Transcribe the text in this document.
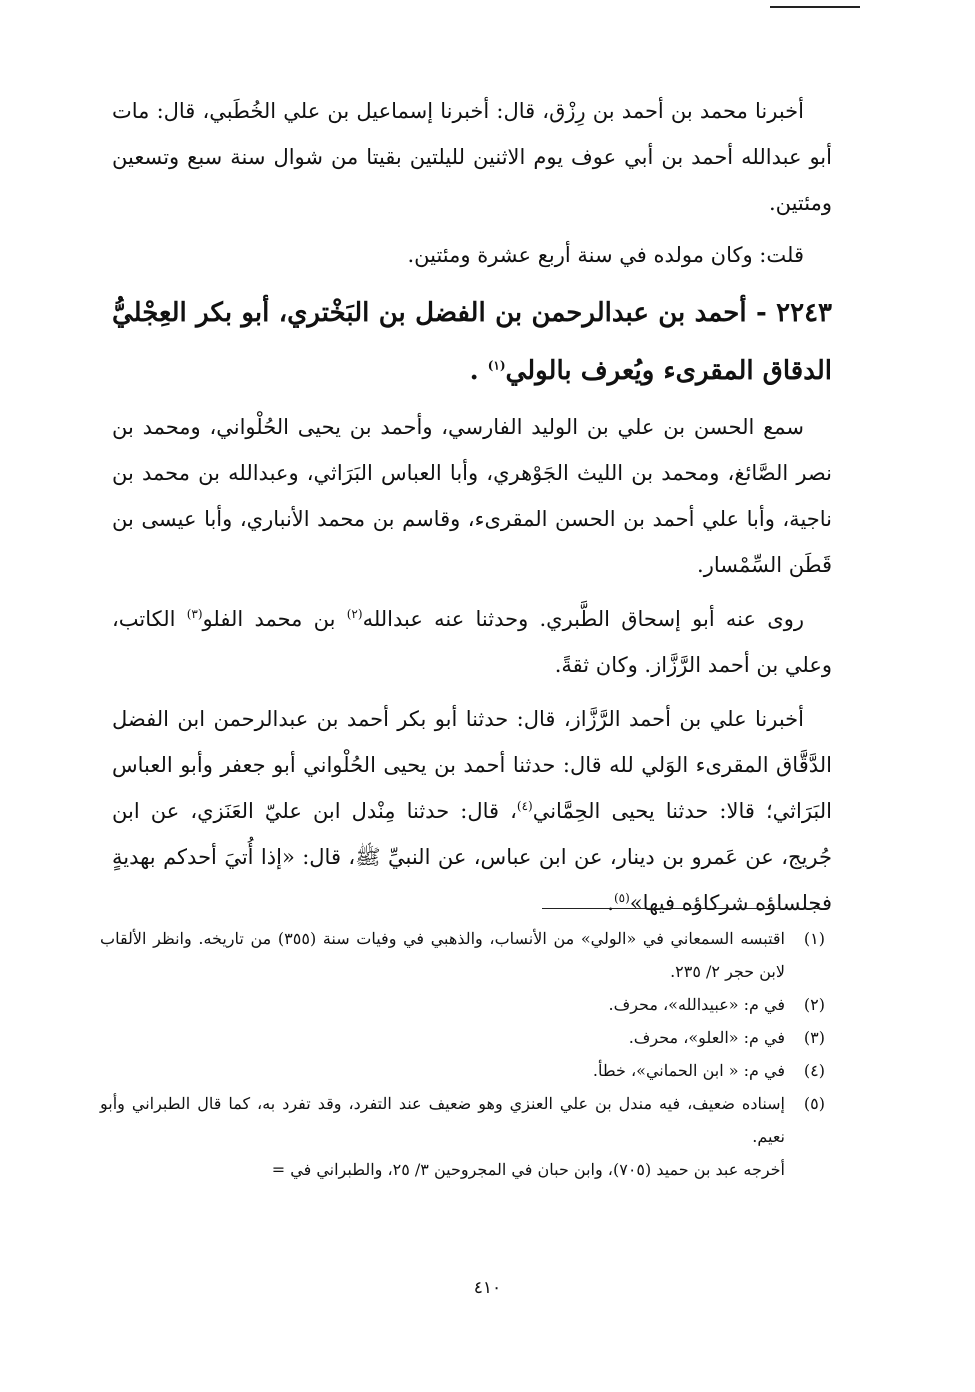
أخبرنا محمد بن أحمد بن رِزْق، قال: أخبرنا إسماعيل بن علي الخُطَبي، قال: مات أبو عبدالله أحمد بن أبي عوف يوم الاثنين لليلتين بقيتا من شوال سنة سبع وتسعين ومئتين.

قلت: وكان مولده في سنة أربع عشرة ومئتين.

٢٢٤٣ - أحمد بن عبدالرحمن بن الفضل بن البَخْتري، أبو بكر العِجْليُّ الدقاق المقرىء ويُعرف بالولي$^{(١)}$ .

سمع الحسن بن علي بن الوليد الفارسي، وأحمد بن يحيى الحُلْواني، ومحمد بن نصر الصَّائغ، ومحمد بن الليث الجَوْهري، وأبا العباس البَرَاثي، وعبدالله بن محمد بن ناجية، وأبا علي أحمد بن الحسن المقرىء، وقاسم بن محمد الأنباري، وأبا عيسى بن قَطَن السِّمْسار.

روى عنه أبو إسحاق الطَّبري. وحدثنا عنه عبدالله$^{(٢)}$ بن محمد الفلو$^{(٣)}$ الكاتب، وعلي بن أحمد الرَّزَّاز. وكان ثقةً.

أخبرنا علي بن أحمد الرَّزَّاز، قال: حدثنا أبو بكر أحمد بن عبدالرحمن ابن الفضل الدَّقَّاق المقرىء الوَلي لله قال: حدثنا أحمد بن يحيى الحُلْواني أبو جعفر وأبو العباس البَرَاثي؛ قالا: حدثنا يحيى الحِمَّاني$^{(٤)}$، قال: حدثنا مِنْدل ابن عليّ العَنَزي، عن ابن جُريج، عن عَمرو بن دينار، عن ابن عباس، عن النبيِّ ﷺ، قال: «إذا أُتيَ أحدكم بهديةٍ فجلساؤه شركاؤه فيها»$^{(٥)}$.

(١)
اقتبسه السمعاني في «الولي» من الأنساب، والذهبي في وفيات سنة (٣٥٥) من تاريخه. وانظر الألقاب لابن حجر ٢/ ٢٣٥.
(٢)
في م: «عبيدالله»، محرف.
(٣)
في م: «العلو»، محرف.
(٤)
في م: « ابن الحماني»، خطأ.
(٥)
إسناده ضعيف، فيه مندل بن علي العنزي وهو ضعيف عند التفرد، وقد تفرد به، كما قال الطبراني وأبو نعيم.

أخرجه عبد بن حميد (٧٠٥)، وابن حبان في المجروحين ٣/ ٢٥، والطبراني في =

٤١٠
